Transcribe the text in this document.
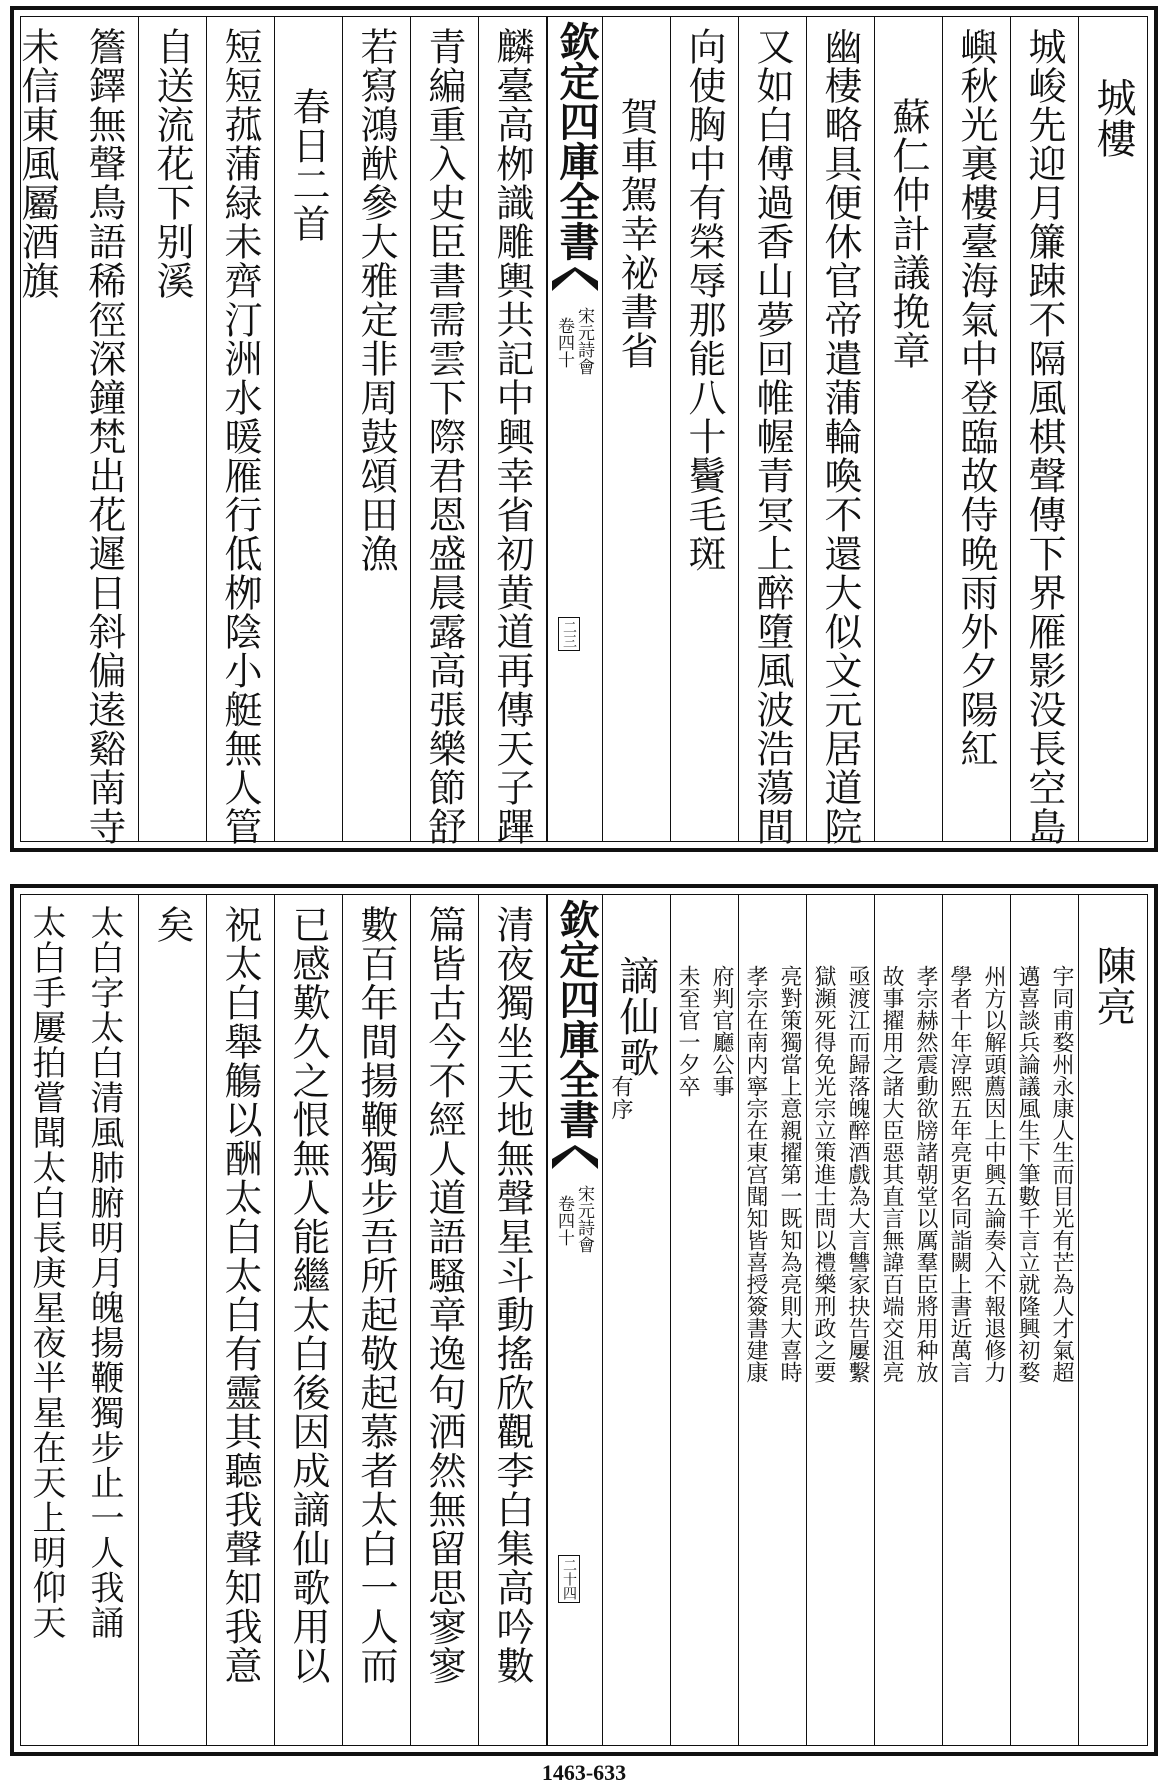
城樓
城峻先迎月簾踈不隔風棋聲傳下界雁影没長空島
嶼秋光裏樓臺海氣中登臨故侍晩雨外夕陽紅
蘇仁仲計議挽章
幽棲略具便休官帝遣蒲輪喚不還大似文元居道院
又如白傅過香山夢回帷幄青冥上醉墮風波浩蕩間
向使胸中有榮辱那能八十鬢毛斑
賀車駕幸祕書省
欽定四庫全書
宋元詩會
卷四十
二三
麟臺高栁識雕輿共記中興幸省初黄道再傳天子蹕
青編重入史臣書需雲下際君恩盛晨露高張樂節舒
若寫鴻猷參大雅定非周鼓頌田漁
春日二首
短短菰蒲緑未齊汀洲水暖雁行低栁陰小艇無人管
自送流花下别溪
簷鐸無聲鳥語稀徑深鐘梵出花遲日斜偏逺谿南寺
未信東風屬酒旗
陳亮
宇同甫婺州永康人生而目光有芒為人才氣超
邁喜談兵論議風生下筆數千言立就隆興初婺
州方以解頭薦因上中興五論奏入不報退修力
學者十年淳熙五年亮更名同詣闕上書近萬言
孝宗赫然震動欲牓諸朝堂以厲羣臣將用种放
故事擢用之諸大臣惡其直言無諱百端交沮亮
亟渡江而歸落魄醉酒戲為大言讐家抉告屢繫
獄瀕死得免光宗立策進士問以禮樂刑政之要
亮對策獨當上意親擢第一既知為亮則大喜時
孝宗在南内寧宗在東宫聞知皆喜授簽書建康
府判官廳公事
未至官一夕卒
謫仙歌
有序
欽定四庫全書
宋元詩會
卷四十
二十四
清夜獨坐天地無聲星斗動搖欣觀李白集高吟數
篇皆古今不經人道語騷章逸句洒然無留思寥寥
數百年間揚鞭獨步吾所起敬起慕者太白一人而
已感歎久之恨無人能繼太白後因成謫仙歌用以
祝太白舉觴以酬太白太白有靈其聽我聲知我意
矣
太白字太白清風肺腑明月魄揚鞭獨步止一人我誦
太白手屢拍嘗聞太白長庚星夜半星在天上明仰天
1463-633
